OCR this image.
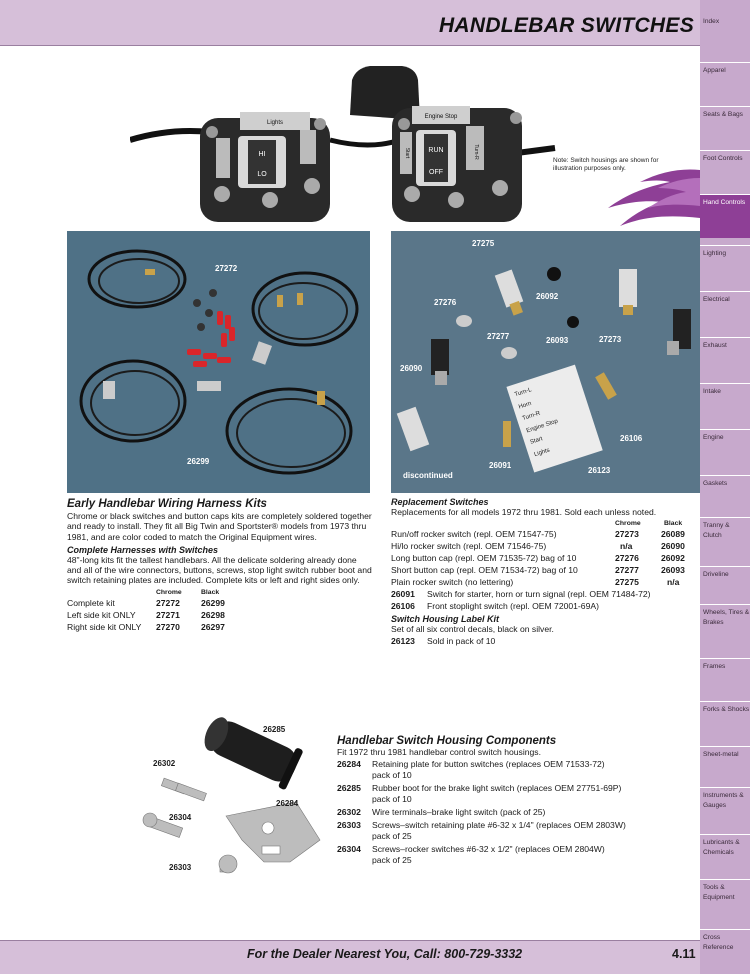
HANDLEBAR SWITCHES	Index
Apparel
Seats & Bags
Foot Controls
Hand Controls
Lighting
Electrical
Exhaust
Intake
Engine
Gaskets
Tranny & Clutch
Driveline
Wheels, Tires & Brakes
Frames
Forks & Shocks
Sheet-metal
Instruments & Gauges
Lubricants & Chemicals
Tools & Equipment
Cross Reference
Lights
HI
LO
Engine Stop
RUN
OFF
Turn-R
Start
Note: Switch housings are shown for illustration purposes only.
27272
26299
27275
26092
27276
27273
27277	26093
26090
26106
26091
26123
discontinued
Turn-L
Horn
Turn-R
Engine Stop
Start
Lights
Early Handlebar Wiring Harness Kits

Chrome or black switches and button caps kits are completely soldered together and ready to install. They fit all Big Twin and Sportster® models from 1973 thru 1981, and are color coded to match the Original Equipment wires.

Complete Harnesses with Switches

48"-long kits fit the tallest handlebars. All the delicate soldering already done and all of the wire connectors, buttons, screws, stop light switch rubber boot and switch retaining plates are included. Complete kits or left and right sides only.

Chrome	Black
Complete kit	27272 26299
Left side kit ONLY 27271 26298
Right side kit ONLY 27270 26297
Replacement Switches

Replacements for all models 1972 thru 1981. Sold each unless noted.

Chrome	Black
Run/off rocker switch (repl. OEM 71547-75)	27273	26089
Hi/lo rocker switch (repl. OEM 71546-75)	n/a	26090
Long button cap (repl. OEM 71535-72) bag of 10	27276	26092
Short button cap (repl. OEM 71534-72) bag of 10	27277	26093
Plain rocker switch (no lettering)	27275	n/a
26091 Switch for starter, horn or turn signal (repl. OEM 71484-72)
26106 Front stoplight switch (repl. OEM 72001-69A)
Switch Housing Label Kit

Set of all six control decals, black on silver.

26123 Sold in pack of 10
26285
26302
26284
26304
26303
Handlebar Switch Housing Components

Fit 1972 thru 1981 handlebar control switch housings.

26284 Retaining plate for button switches (replaces OEM 71533-72)
pack of 10
26285 Rubber boot for the brake light switch (replaces OEM 27751-69P)
pack of 10
26302 Wire terminals–brake light switch (pack of 25)
26303 Screws–switch retaining plate #6-32 x 1/4" (replaces OEM 2803W)
pack of 25
26304 Screws–rocker switches #6-32 x 1/2" (replaces OEM 2804W)
pack of 25
For the Dealer Nearest You, Call: 800-729-3332	4.11
